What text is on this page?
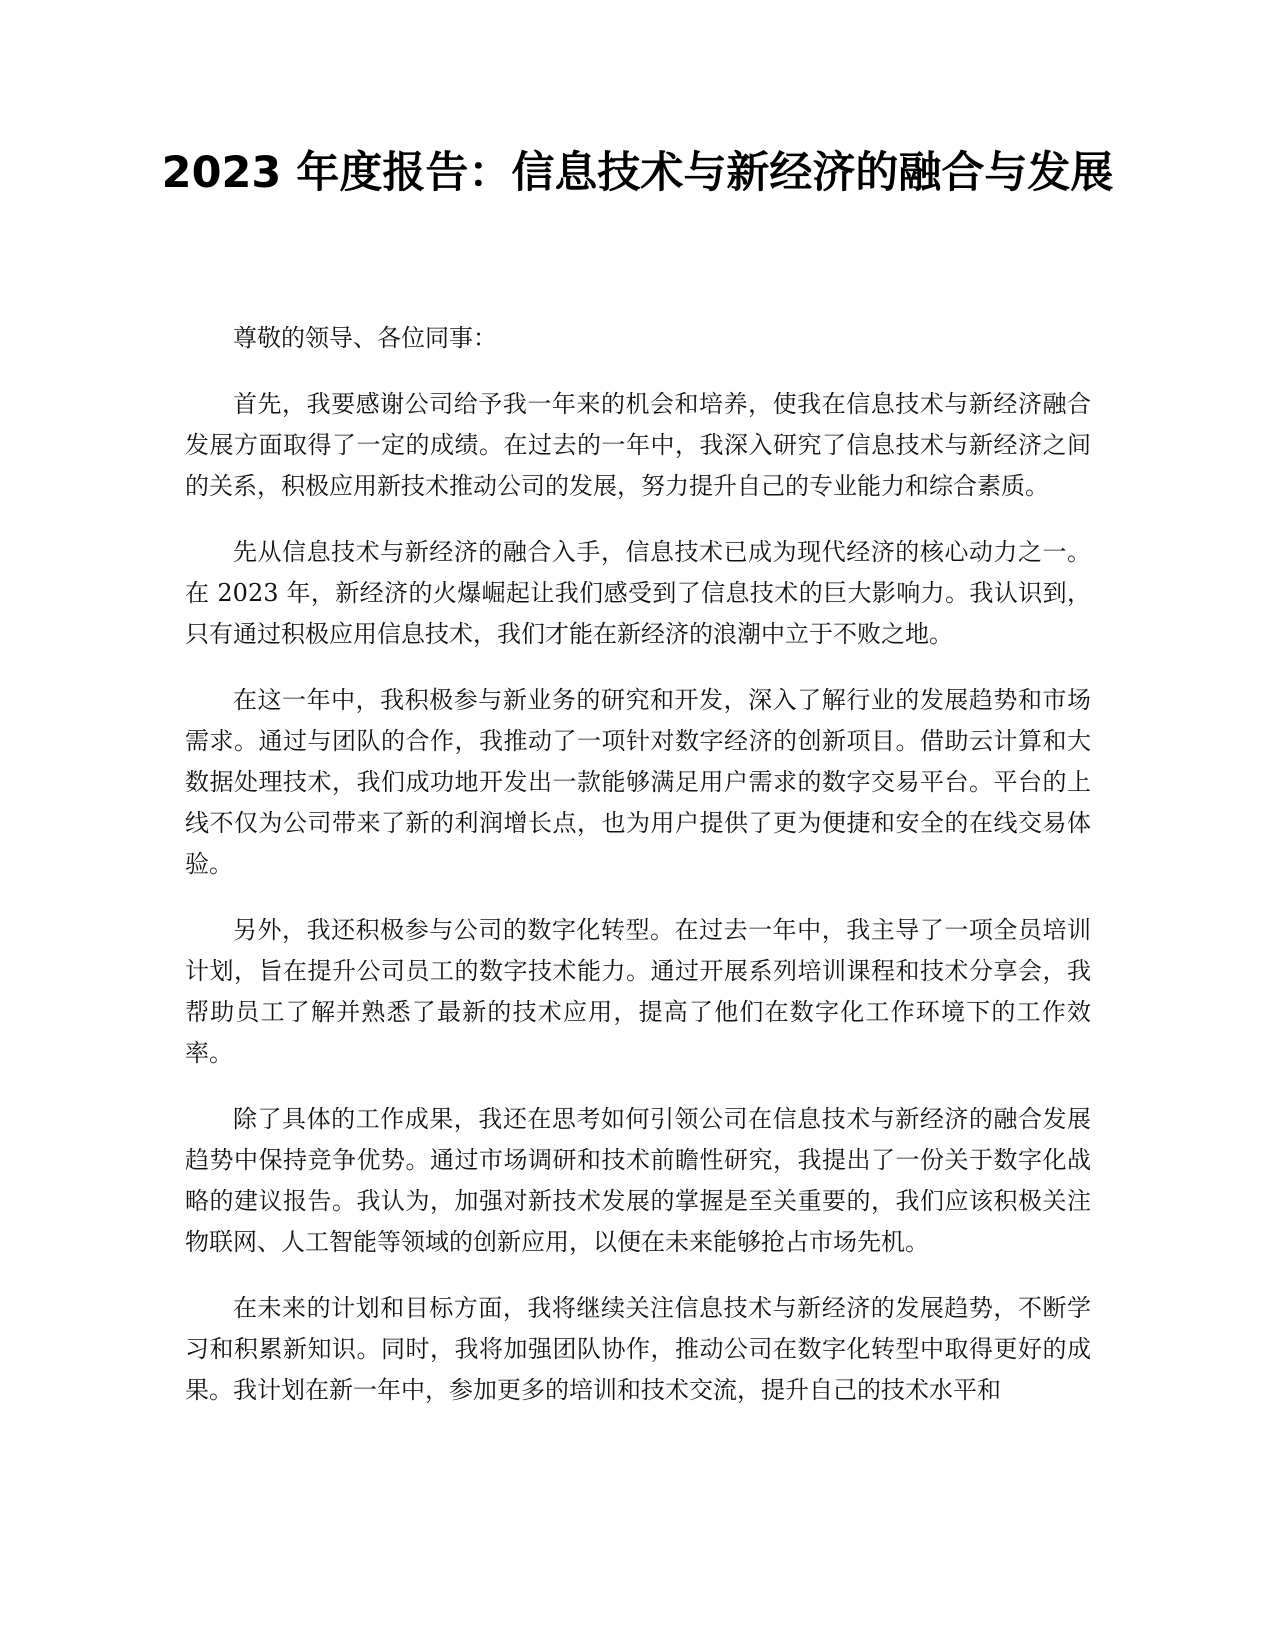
2023 年度报告：信息技术与新经济的融合与发展

尊敬的领导、各位同事：

首先，我要感谢公司给予我一年来的机会和培养，使我在信息技术与新经济融合发展方面取得了一定的成绩。在过去的一年中，我深入研究了信息技术与新经济之间的关系，积极应用新技术推动公司的发展，努力提升自己的专业能力和综合素质。

先从信息技术与新经济的融合入手，信息技术已成为现代经济的核心动力之一。在 2023 年，新经济的火爆崛起让我们感受到了信息技术的巨大影响力。我认识到，只有通过积极应用信息技术，我们才能在新经济的浪潮中立于不败之地。

在这一年中，我积极参与新业务的研究和开发，深入了解行业的发展趋势和市场需求。通过与团队的合作，我推动了一项针对数字经济的创新项目。借助云计算和大数据处理技术，我们成功地开发出一款能够满足用户需求的数字交易平台。平台的上线不仅为公司带来了新的利润增长点，也为用户提供了更为便捷和安全的在线交易体验。

另外，我还积极参与公司的数字化转型。在过去一年中，我主导了一项全员培训计划，旨在提升公司员工的数字技术能力。通过开展系列培训课程和技术分享会，我帮助员工了解并熟悉了最新的技术应用，提高了他们在数字化工作环境下的工作效率。

除了具体的工作成果，我还在思考如何引领公司在信息技术与新经济的融合发展趋势中保持竞争优势。通过市场调研和技术前瞻性研究，我提出了一份关于数字化战略的建议报告。我认为，加强对新技术发展的掌握是至关重要的，我们应该积极关注物联网、人工智能等领域的创新应用，以便在未来能够抢占市场先机。

在未来的计划和目标方面，我将继续关注信息技术与新经济的发展趋势，不断学习和积累新知识。同时，我将加强团队协作，推动公司在数字化转型中取得更好的成果。我计划在新一年中，参加更多的培训和技术交流，提升自己的技术水平和
